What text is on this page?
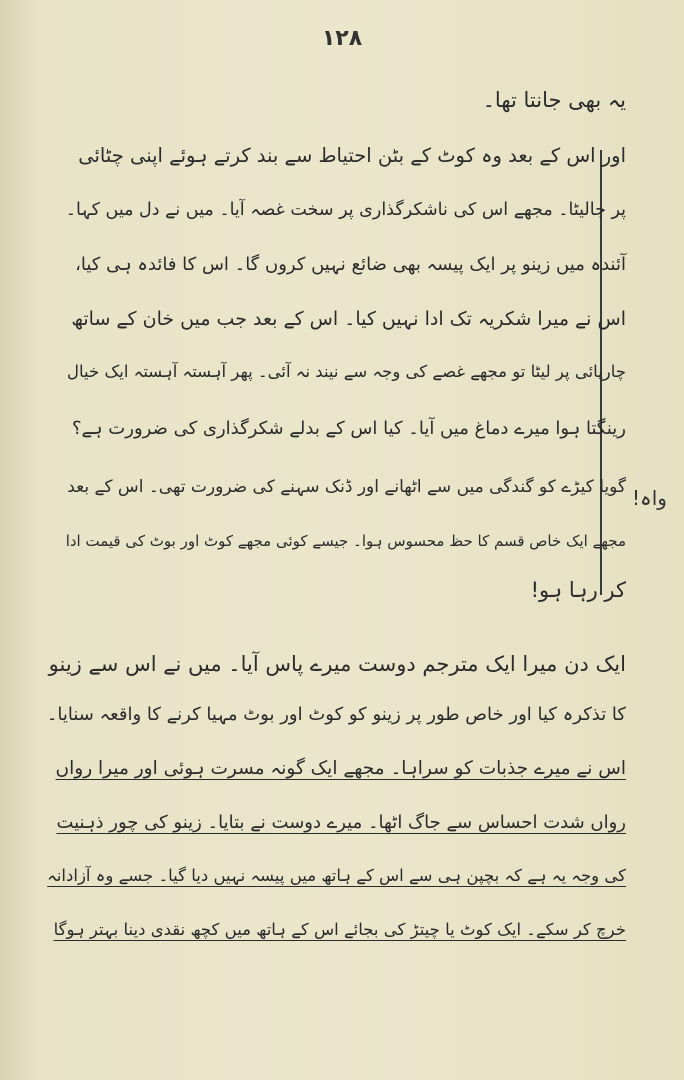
۱۲۸
واہ!
یہ بھی جانتا تھا۔
اور اس کے بعد وہ کوٹ کے بٹن احتیاط سے بند کرتے ہوئے اپنی چٹائی
پر جالیٹا۔ مجھے اس کی ناشکرگذاری پر سخت غصہ آیا۔ میں نے دل میں کہا۔
آئندہ میں زینو پر ایک پیسہ بھی ضائع نہیں کروں گا۔ اس کا فائدہ ہی کیا،
اس نے میرا شکریہ تک ادا نہیں کیا۔ اس کے بعد جب میں خان کے ساتھ
چارپائی پر لیٹا تو مجھے غصے کی وجہ سے نیند نہ آئی۔ پھر آہستہ آہستہ ایک خیال
رینگتا ہوا میرے دماغ میں آیا۔ کیا اس کے بدلے شکرگذاری کی ضرورت ہے؟
گویا کیڑے کو گندگی میں سے اٹھانے اور ڈنک سہنے کی ضرورت تھی۔ اس کے بعد
مجھے ایک خاص قسم کا حظ محسوس ہوا۔ جیسے کوئی مجھے کوٹ اور بوٹ کی قیمت ادا
کر رہا ہو!
ایک دن میرا ایک مترجم دوست میرے پاس آیا۔ میں نے اس سے زینو
کا تذکرہ کیا اور خاص طور پر زینو کو کوٹ اور بوٹ مہیا کرنے کا واقعہ سنایا۔
اس نے میرے جذبات کو سراہا۔ مجھے ایک گونہ مسرت ہوئی اور میرا رواں
رواں شدت احساس سے جاگ اٹھا۔ میرے دوست نے بتایا۔ زینو کی چور ذہنیت
کی وجہ یہ ہے کہ بچپن ہی سے اس کے ہاتھ میں پیسہ نہیں دیا گیا۔ جسے وہ آزادانہ
خرچ کر سکے۔ ایک کوٹ یا چیتڑ کی بجائے اس کے ہاتھ میں کچھ نقدی دینا بہتر ہوگا
